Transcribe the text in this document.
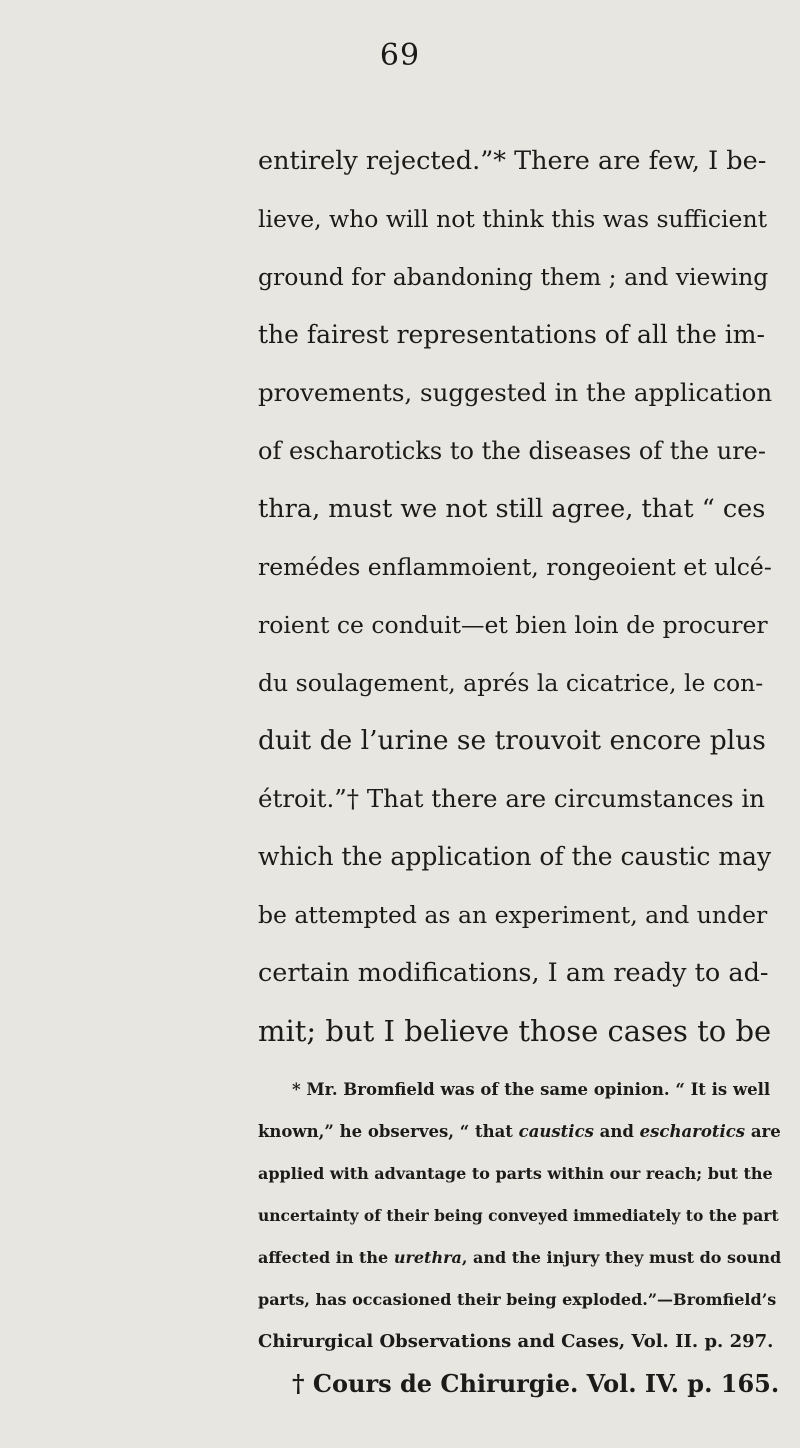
69
entirely rejected.”* There are few, I be-
lieve, who will not think this was sufficient
ground for abandoning them ; and viewing
the fairest representations of all the im-
provements, suggested in the application
of escharoticks to the diseases of the ure-
thra, must we not still agree, that “ ces
remédes enflammoient, rongeoient et ulcé-
roient ce conduit—et bien loin de procurer
du soulagement, aprés la cicatrice, le con-
duit de l’urine se trouvoit encore plus
étroit.”† That there are circumstances in
which the application of the caustic may
be attempted as an experiment, and under
certain modifications, I am ready to ad-
mit; but I believe those cases to be
* Mr. Bromfield was of the same opinion. “ It is well
known,” he observes, “ that caustics and escharotics are
applied with advantage to parts within our reach; but the
uncertainty of their being conveyed immediately to the part
affected in the urethra, and the injury they must do sound
parts, has occasioned their being exploded.”—Bromfield’s
Chirurgical Observations and Cases, Vol. II. p. 297.
† Cours de Chirurgie. Vol. IV. p. 165.
